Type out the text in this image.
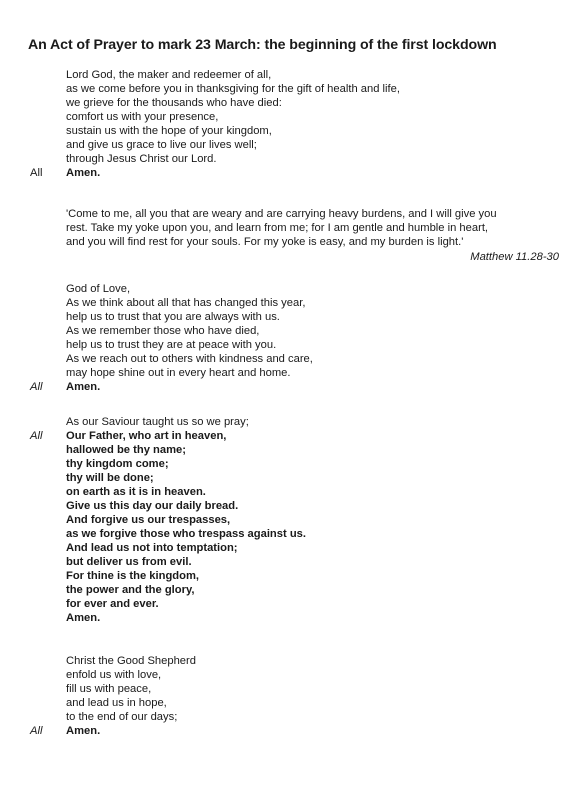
An Act of Prayer to mark 23 March: the beginning of the first lockdown
Lord God, the maker and redeemer of all,
as we come before you in thanksgiving for the gift of health and life,
we grieve for the thousands who have died:
comfort us with your presence,
sustain us with the hope of your kingdom,
and give us grace to live our lives well;
through Jesus Christ our Lord.
All Amen.
'Come to me, all you that are weary and are carrying heavy burdens, and I will give you
rest. Take my yoke upon you, and learn from me; for I am gentle and humble in heart,
and you will find rest for your souls. For my yoke is easy, and my burden is light.'
Matthew 11.28-30
God of Love,
As we think about all that has changed this year,
help us to trust that you are always with us.
As we remember those who have died,
help us to trust they are at peace with you.
As we reach out to others with kindness and care,
may hope shine out in every heart and home.
All Amen.
As our Saviour taught us so we pray;
All Our Father, who art in heaven,
hallowed be thy name;
thy kingdom come;
thy will be done;
on earth as it is in heaven.
Give us this day our daily bread.
And forgive us our trespasses,
as we forgive those who trespass against us.
And lead us not into temptation;
but deliver us from evil.
For thine is the kingdom,
the power and the glory,
for ever and ever.
Amen.
Christ the Good Shepherd
enfold us with love,
fill us with peace,
and lead us in hope,
to the end of our days;
All Amen.
